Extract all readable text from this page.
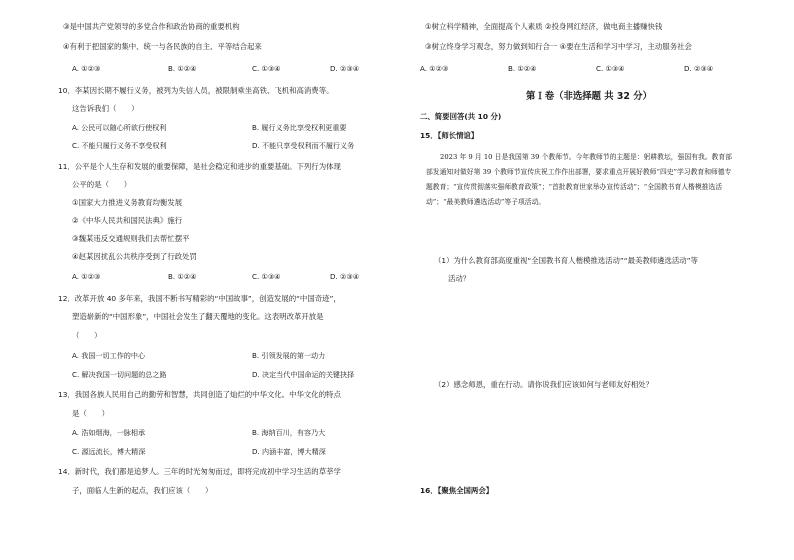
③是中国共产党领导的多党合作和政治协商的重要机构
④有利于把国家的集中、统一与各民族的自主、平等结合起来
A. ①②③	B. ①②④	C. ①③④	D. ②③④
10．李某因长期不履行义务，被列为失信人员，被限制乘坐高铁、飞机和高消费等。
这告诉我们（　　）
A. 公民可以随心所欲行使权利	B. 履行义务比享受权利更重要
C. 不能只履行义务不享受权利	D. 不能只享受权利而不履行义务
11．公平是个人生存和发展的重要保障，是社会稳定和进步的重要基础。下列行为体现
公平的是（　　）
①国家大力推进义务教育均衡发展
②《中华人民共和国民法典》施行
③魏某违反交通规则我们去帮忙摆平
④赵某因扰乱公共秩序受到了行政处罚
A. ①②③	B. ①②④	C. ①③④	D. ②③④
12．改革开放 40 多年来，我国不断书写精彩的“中国故事”，创造发展的“中国奇迹”，
塑造崭新的“中国形象”，中国社会发生了翻天覆地的变化。这表明改革开放是
（　　）
A. 我国一切工作的中心	B. 引领发展的第一动力
C. 解决我国一切问题的总之路	D. 决定当代中国命运的关键抉择
13．我国各族人民用自己的勤劳和智慧，共同创造了灿烂的中华文化。中华文化的特点
是（　　）
A. 浩如烟海，一脉相承	B. 海纳百川，有容乃大
C. 源远流长，博大精深	D. 内涵丰富，博大精深
14．新时代，我们都是追梦人。三年的时光匆匆而过，即将完成初中学习生活的草莘学
子，面临人生新的起点，我们应该（　　）
①树立科学精神，全面提高个人素质 ②投身网红经济，做电商主播赚快钱
③树立终身学习观念，努力做到知行合一 ④要在生活和学习中学习，主动服务社会
A. ①②③	B. ①②④	C. ①③④	D. ②③④
第Ｉ卷（非选择题 共 32 分）
二、简要回答(共 10 分)
15．【师长情谊】
2023 年 9 月 10 日是我国第 39 个教师节。今年教师节的主题是：躬耕教坛，强国有我。教育部部发通知对做好第 39 个教师节宣传庆祝工作作出部署，要求重点开展好教师“四史”学习教育和师德专题教育；“宣传贯彻落实强师教育政策”；“首批教育世家举办宣传活动”；“全国教书育人楷模推选活动”；“最美教师遴选活动”等子项活动。
（1）为什么教育部高度重视“全国教书育人楷模推选活动”“最美教师遴选活动”等
活动？
（2）感念师恩，重在行动。请你说我们应该如何与老师友好相处？
16．【聚焦全国两会】
